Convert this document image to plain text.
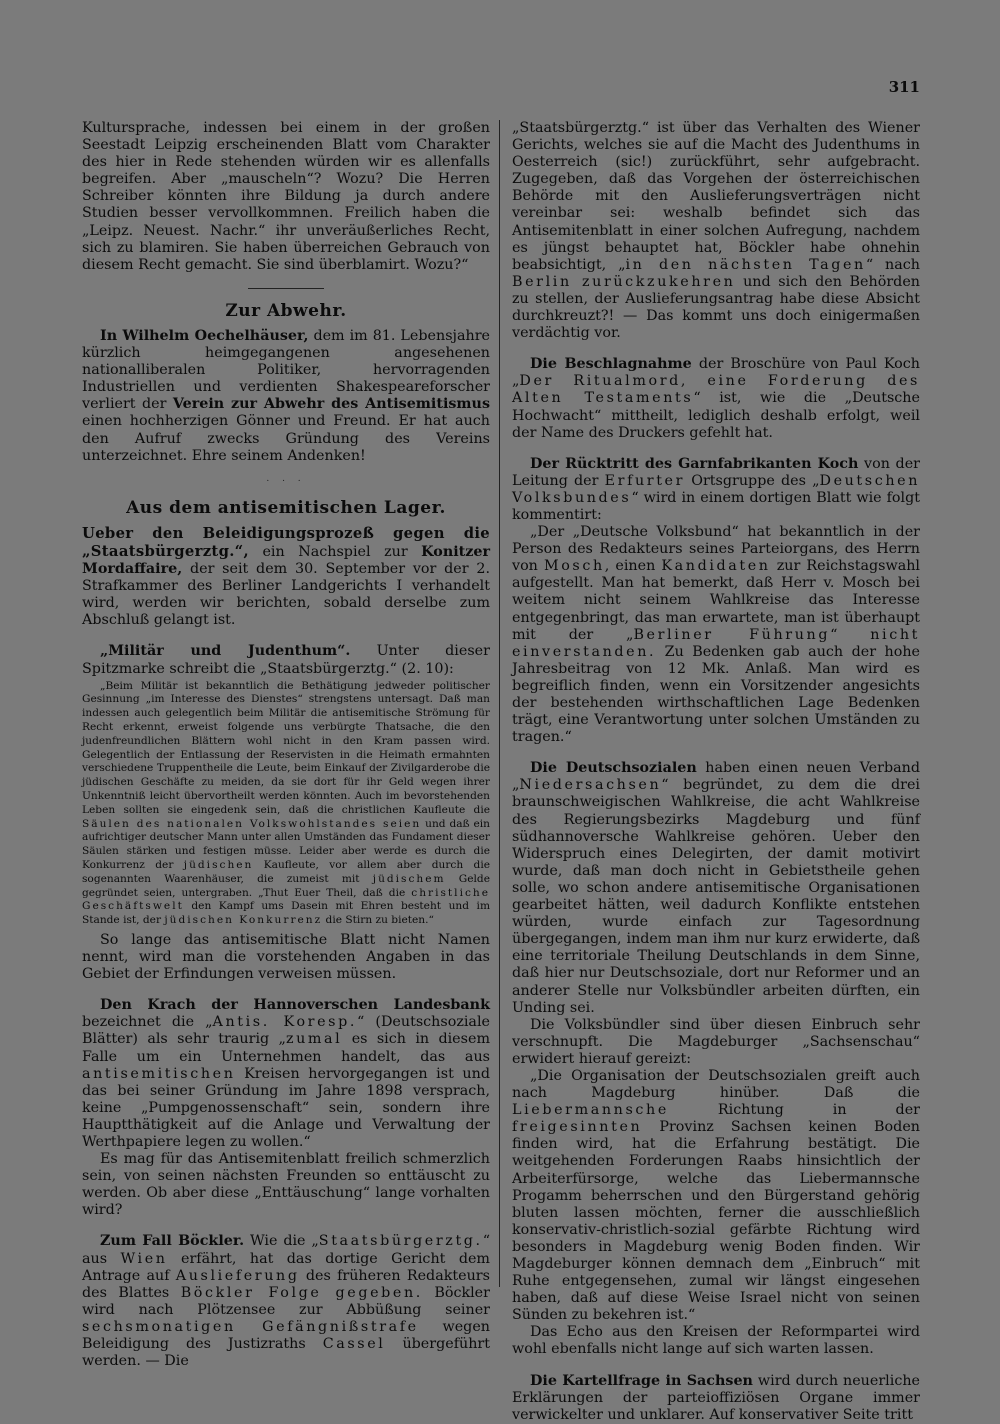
311

Kultursprache, indessen bei einem in der großen Seestadt Leipzig erscheinenden Blatt vom Charakter des hier in Rede stehenden würden wir es allenfalls begreifen. Aber „mauscheln“? Wozu? Die Herren Schreiber könnten ihre Bildung ja durch andere Studien besser vervollkommnen. Freilich haben die „Leipz. Neuest. Nachr.“ ihr unveräußerliches Recht, sich zu blamiren. Sie haben überreichen Gebrauch von diesem Recht gemacht. Sie sind überblamirt. Wozu?“

Zur Abwehr.

In Wilhelm Oechelhäuser, dem im 81. Lebensjahre kürzlich heimgegangenen angesehenen nationalliberalen Politiker, hervorragenden Industriellen und verdienten Shakespeareforscher verliert der Verein zur Abwehr des Antisemitismus einen hochherzigen Gönner und Freund. Er hat auch den Aufruf zwecks Gründung des Vereins unterzeichnet. Ehre seinem Andenken!

. . .
Aus dem antisemitischen Lager.

Ueber den Beleidigungsprozeß gegen die „Staatsbürgerztg.“, ein Nachspiel zur Konitzer Mordaffaire, der seit dem 30. September vor der 2. Strafkammer des Berliner Landgerichts I verhandelt wird, werden wir berichten, sobald derselbe zum Abschluß gelangt ist.

„Militär und Judenthum“. Unter dieser Spitzmarke schreibt die „Staatsbürgerztg.“ (2. 10):

„Beim Militär ist bekanntlich die Bethätigung jedweder politischer Gesinnung „im Interesse des Dienstes“ strengstens untersagt. Daß man indessen auch gelegentlich beim Militär die antisemitische Strömung für Recht erkennt, erweist folgende uns verbürgte Thatsache, die den judenfreundlichen Blättern wohl nicht in den Kram passen wird. Gelegentlich der Entlassung der Reservisten in die Heimath ermahnten verschiedene Truppentheile die Leute, beim Einkauf der Zivilgarderobe die jüdischen Geschäfte zu meiden, da sie dort für ihr Geld wegen ihrer Unkenntniß leicht übervortheilt werden könnten. Auch im bevorstehenden Leben sollten sie eingedenk sein, daß die christlichen Kaufleute die Säulen des nationalen Volkswohlstandes seien und daß ein aufrichtiger deutscher Mann unter allen Umständen das Fundament dieser Säulen stärken und festigen müsse. Leider aber werde es durch die Konkurrenz der jüdischen Kaufleute, vor allem aber durch die sogenannten Waarenhäuser, die zumeist mit jüdischem Gelde gegründet seien, untergraben. „Thut Euer Theil, daß die christliche Geschäftswelt den Kampf ums Dasein mit Ehren besteht und im Stande ist, der jüdischen Konkurrenz die Stirn zu bieten.“

So lange das antisemitische Blatt nicht Namen nennt, wird man die vorstehenden Angaben in das Gebiet der Erfindungen verweisen müssen.

Den Krach der Hannoverschen Landesbank bezeichnet die „Antis. Koresp.“ (Deutschsoziale Blätter) als sehr traurig „zumal es sich in diesem Falle um ein Unternehmen handelt, das aus antisemitischen Kreisen hervorgegangen ist und das bei seiner Gründung im Jahre 1898 versprach, keine „Pumpgenossenschaft“ sein, sondern ihre Hauptthätigkeit auf die Anlage und Verwaltung der Werthpapiere legen zu wollen.“

Es mag für das Antisemitenblatt freilich schmerzlich sein, von seinen nächsten Freunden so enttäuscht zu werden. Ob aber diese „Enttäuschung“ lange vorhalten wird?

Zum Fall Böckler. Wie die „Staatsbürgerztg.“ aus Wien erfährt, hat das dortige Gericht dem Antrage auf Auslieferung des früheren Redakteurs des Blattes Böckler Folge gegeben. Böckler wird nach Plötzensee zur Abbüßung seiner sechsmonatigen Gefängnißstrafe wegen Beleidigung des Justizraths Cassel übergeführt werden. — Die

„Staatsbürgerztg.“ ist über das Verhalten des Wiener Gerichts, welches sie auf die Macht des Judenthums in Oesterreich (sic!) zurückführt, sehr aufgebracht. Zugegeben, daß das Vorgehen der österreichischen Behörde mit den Auslieferungsverträgen nicht vereinbar sei: weshalb befindet sich das Antisemitenblatt in einer solchen Aufregung, nachdem es jüngst behauptet hat, Böckler habe ohnehin beabsichtigt, „in den nächsten Tagen“ nach Berlin zurückzukehren und sich den Behörden zu stellen, der Auslieferungsantrag habe diese Absicht durchkreuzt?! — Das kommt uns doch einigermaßen verdächtig vor.

Die Beschlagnahme der Broschüre von Paul Koch „Der Ritualmord, eine Forderung des Alten Testaments“ ist, wie die „Deutsche Hochwacht“ mittheilt, lediglich deshalb erfolgt, weil der Name des Druckers gefehlt hat.

Der Rücktritt des Garnfabrikanten Koch von der Leitung der Erfurter Ortsgruppe des „Deutschen Volksbundes“ wird in einem dortigen Blatt wie folgt kommentirt:

„Der „Deutsche Volksbund“ hat bekanntlich in der Person des Redakteurs seines Parteiorgans, des Herrn von Mosch, einen Kandidaten zur Reichstagswahl aufgestellt. Man hat bemerkt, daß Herr v. Mosch bei weitem nicht seinem Wahlkreise das Interesse entgegenbringt, das man erwartete, man ist überhaupt mit der „Berliner Führung“ nicht einverstanden. Zu Bedenken gab auch der hohe Jahresbeitrag von 12 Mk. Anlaß. Man wird es begreiflich finden, wenn ein Vorsitzender angesichts der bestehenden wirthschaftlichen Lage Bedenken trägt, eine Verantwortung unter solchen Umständen zu tragen.“

Die Deutschsozialen haben einen neuen Verband „Niedersachsen“ begründet, zu dem die drei braunschweigischen Wahlkreise, die acht Wahlkreise des Regierungsbezirks Magdeburg und fünf südhannoversche Wahlkreise gehören. Ueber den Widerspruch eines Delegirten, der damit motivirt wurde, daß man doch nicht in Gebietstheile gehen solle, wo schon andere antisemitische Organisationen gearbeitet hätten, weil dadurch Konflikte entstehen würden, wurde einfach zur Tagesordnung übergegangen, indem man ihm nur kurz erwiderte, daß eine territoriale Theilung Deutschlands in dem Sinne, daß hier nur Deutschsoziale, dort nur Reformer und an anderer Stelle nur Volksbündler arbeiten dürften, ein Unding sei.

Die Volksbündler sind über diesen Einbruch sehr verschnupft. Die Magdeburger „Sachsenschau“ erwidert hierauf gereizt:

„Die Organisation der Deutschsozialen greift auch nach Magdeburg hinüber. Daß die Liebermannsche Richtung in der freigesinnten Provinz Sachsen keinen Boden finden wird, hat die Erfahrung bestätigt. Die weitgehenden Forderungen Raabs hinsichtlich der Arbeiterfürsorge, welche das Liebermannsche Progamm beherrschen und den Bürgerstand gehörig bluten lassen möchten, ferner die ausschließlich konservativ-christlich-sozial gefärbte Richtung wird besonders in Magdeburg wenig Boden finden. Wir Magdeburger können demnach dem „Einbruch“ mit Ruhe entgegensehen, zumal wir längst eingesehen haben, daß auf diese Weise Israel nicht von seinen Sünden zu bekehren ist.“

Das Echo aus den Kreisen der Reformpartei wird wohl ebenfalls nicht lange auf sich warten lassen.

Die Kartellfrage in Sachsen wird durch neuerliche Erklärungen der parteioffiziösen Organe immer verwickelter und unklarer. Auf konservativer Seite tritt
